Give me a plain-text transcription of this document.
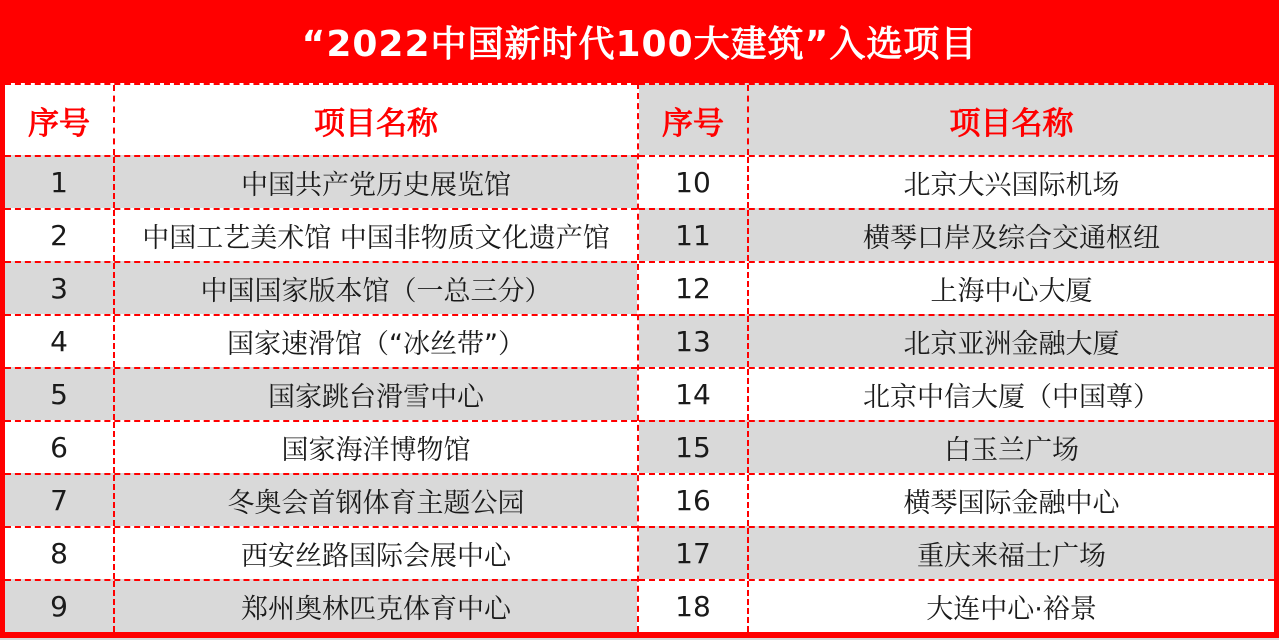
“2022中国新时代100大建筑”入选项目
序号	项目名称
1	中国共产党历史展览馆
2	中国工艺美术馆 中国非物质文化遗产馆
3	中国国家版本馆（一总三分）
4	国家速滑馆（“冰丝带”）
5	国家跳台滑雪中心
6	国家海洋博物馆
7	冬奥会首钢体育主题公园
8	西安丝路国际会展中心
9	郑州奥林匹克体育中心
序号	项目名称
10	北京大兴国际机场
11	横琴口岸及综合交通枢纽
12	上海中心大厦
13	北京亚洲金融大厦
14	北京中信大厦（中国尊）
15	白玉兰广场
16	横琴国际金融中心
17	重庆来福士广场
18	大连中心·裕景
